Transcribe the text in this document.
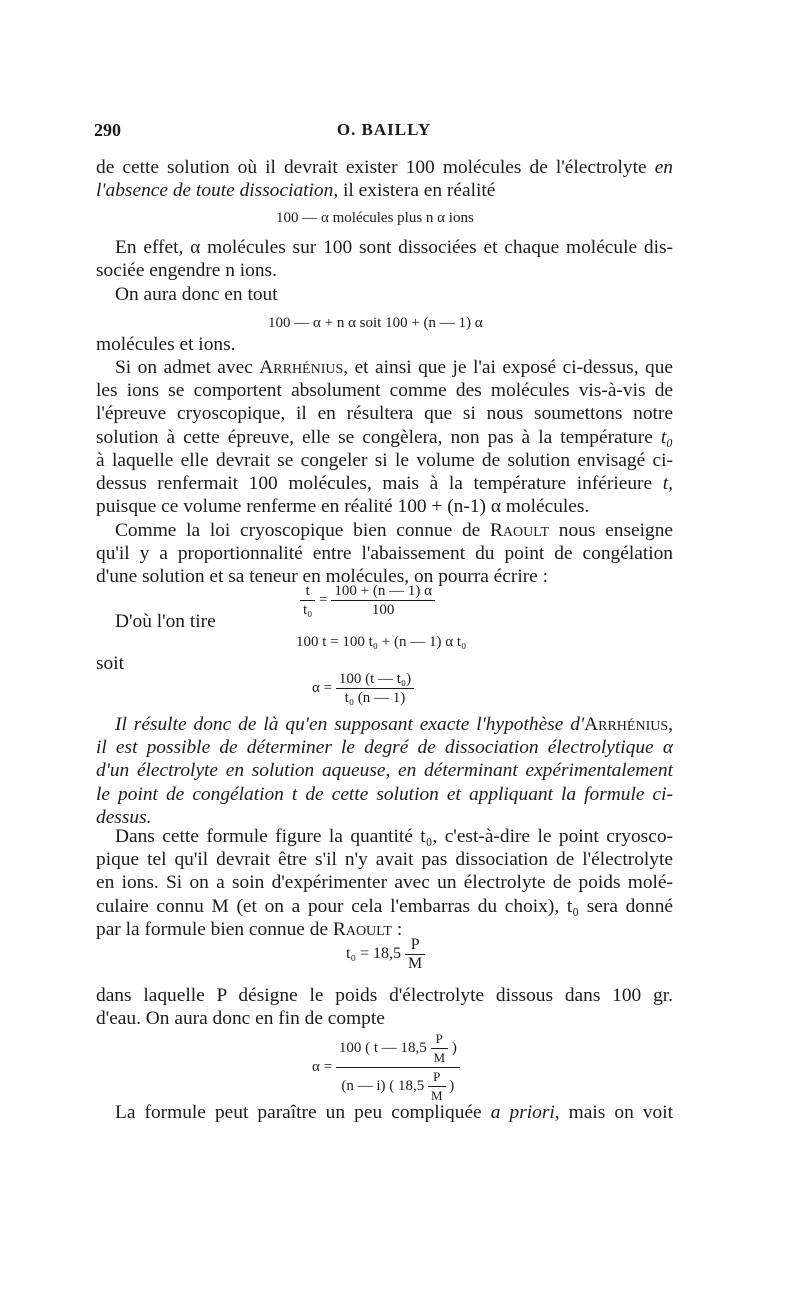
290	O. BAILLY
de cette solution où il devrait exister 100 molécules de l'électrolyte en
l'absence de toute dissociation, il existera en réalité
100 — α molécules plus n α ions
En effet, α molécules sur 100 sont dissociées et chaque molécule dis-
sociée engendre n ions.
On aura donc en tout
100 — α + n α soit 100 + (n — 1) α
molécules et ions.
Si on admet avec Arrhénius, et ainsi que je l'ai exposé ci-dessus, que
les ions se comportent absolument comme des molécules vis-à-vis de
l'épreuve cryoscopique, il en résultera que si nous soumettons notre
solution à cette épreuve, elle se congèlera, non pas à la température t₀
à laquelle elle devrait se congeler si le volume de solution envisagé ci-
dessus renfermait 100 molécules, mais à la température inférieure t,
puisque ce volume renferme en réalité 100 + (n-1) α molécules.
Comme la loi cryoscopique bien connue de Raoult nous enseigne
qu'il y a proportionnalité entre l'abaissement du point de congélation
d'une solution et sa teneur en molécules, on pourra écrire :
$\frac{t}{\text{t₀}} = \frac{100 + (n — 1) \alpha}{100}$
D'où l'on tire
100 t = 100 t₀ + (n — 1) α t₀
soit
$\alpha = \frac{\text{100 (t — t₀)}}{\text{t₀ (n — 1)}}$
Il résulte donc de là qu'en supposant exacte l'hypothèse d'Arrhénius,
il est possible de déterminer le degré de dissociation électrolytique α
d'un électrolyte en solution aqueuse, en déterminant expérimentalement
le point de congélation t de cette solution et appliquant la formule ci-
dessus.
Dans cette formule figure la quantité t₀, c'est-à-dire le point cryosco-
pique tel qu'il devrait être s'il n'y avait pas dissociation de l'électrolyte
en ions. Si on a soin d'expérimenter avec un électrolyte de poids molé-
culaire connu M (et on a pour cela l'embarras du choix), t₀ sera donné
par la formule bien connue de Raoult :
$t_0 = 18,5 \frac{P}{M}$
dans laquelle P désigne le poids d'électrolyte dissous dans 100 gr.
d'eau. On aura donc en fin de compte
$\alpha = \frac{100 ( t — 18,5 \frac{P}{M} )}{(n — i) ( 18,5 \frac{P}{M} )}$
La formule peut paraître un peu compliquée a priori, mais on voit
